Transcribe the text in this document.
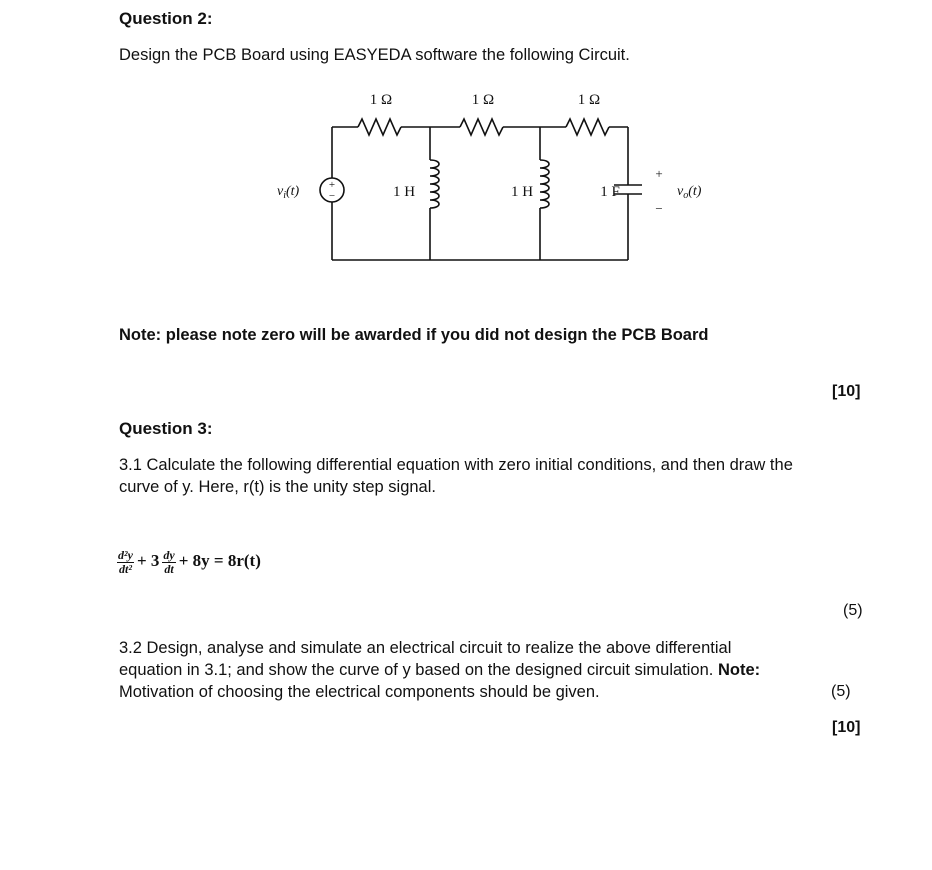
Question 2:
Design the PCB Board using EASYEDA software the following Circuit.
+
−
1 Ω	1 Ω	1 Ω
1 H	1 H	1 F
$v_i(t)$	$v_o(t)$
+
−
Note: please note zero will be awarded if you did not design the PCB Board
[10]
Question 3:
3.1 Calculate the following differential equation with zero initial conditions, and then draw the
curve of y. Here, r(t) is the unity step signal.
$\frac{\text{d²y}}{\text{dt²}} + 3 \frac{dy}{dt} + 8y = 8r(t)$
(5)
3.2 Design, analyse and simulate an electrical circuit to realize the above differential
equation in 3.1; and show the curve of y based on the designed circuit simulation. Note:
Motivation of choosing the electrical components should be given.	(5)
[10]
